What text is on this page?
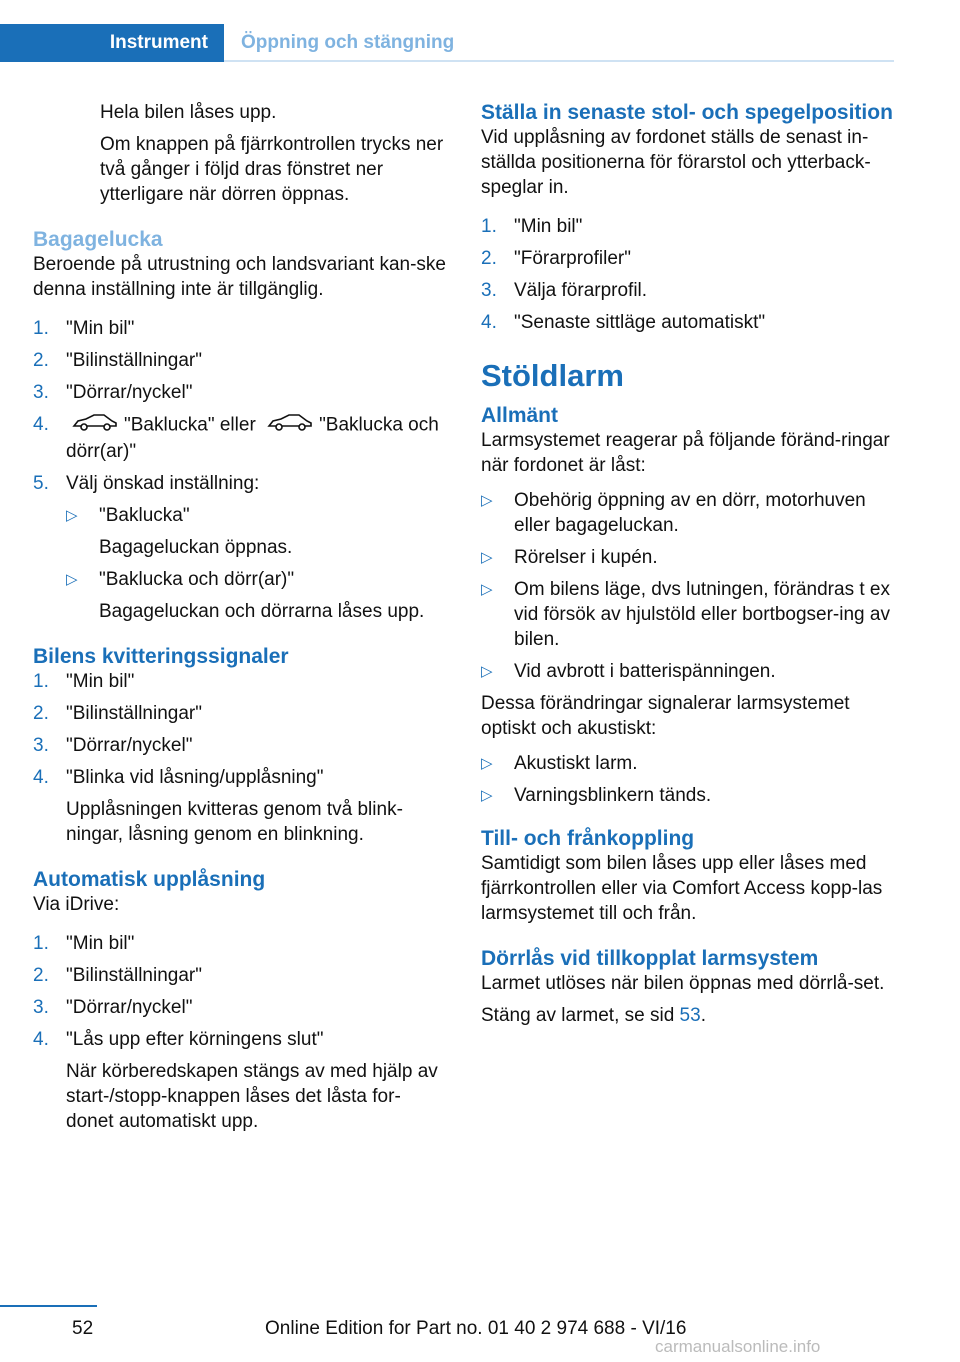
Instrument	Öppning och stängning

Hela bilen låses upp.

Om knappen på fjärrkontrollen trycks ner två gånger i följd dras fönstret ner ytterligare när dörren öppnas.

Bagagelucka

Beroende på utrustning och landsvariant kan-ske denna inställning inte är tillgänglig.

1. "Min bil"
2. "Bilinställningar"
3. "Dörrar/nyckel"
4.	"Baklucka" eller	"Baklucka och dörr(ar)"
5. Välj önskad inställning:
▷ "Baklucka"
Bagageluckan öppnas.
▷ "Baklucka och dörr(ar)"
Bagageluckan och dörrarna låses upp.
Bilens kvitteringssignaler
1. "Min bil"
2. "Bilinställningar"
3. "Dörrar/nyckel"
4. "Blinka vid låsning/upplåsning"

Upplåsningen kvitteras genom två blink-ningar, låsning genom en blinkning.

Automatisk upplåsning

Via iDrive:

1. "Min bil"
2. "Bilinställningar"
3. "Dörrar/nyckel"
4. "Lås upp efter körningens slut"

När körberedskapen stängs av med hjälp av start-/stopp-knappen låses det låsta for-donet automatiskt upp.

Ställa in senaste stol- och spegelposition

Vid upplåsning av fordonet ställs de senast in-ställda positionerna för förarstol och ytterback-speglar in.

1. "Min bil"
2. "Förarprofiler"
3. Välja förarprofil.
4. "Senaste sittläge automatiskt"
Stöldlarm
Allmänt

Larmsystemet reagerar på följande föränd-ringar när fordonet är låst:

▷ Obehörig öppning av en dörr, motorhuven eller bagageluckan.
▷ Rörelser i kupén.
▷ Om bilens läge, dvs lutningen, förändras t ex vid försök av hjulstöld eller bortbogser-ing av bilen.
▷ Vid avbrott i batterispänningen.

Dessa förändringar signalerar larmsystemet optiskt och akustiskt:

▷ Akustiskt larm.
▷ Varningsblinkern tänds.
Till- och frånkoppling

Samtidigt som bilen låses upp eller låses med fjärrkontrollen eller via Comfort Access kopp-las larmsystemet till och från.

Dörrlås vid tillkopplat larmsystem

Larmet utlöses när bilen öppnas med dörrlå-set.

Stäng av larmet, se sid 53.

52	Online Edition for Part no. 01 40 2 974 688 - VI/16
carmanualsonline.info
